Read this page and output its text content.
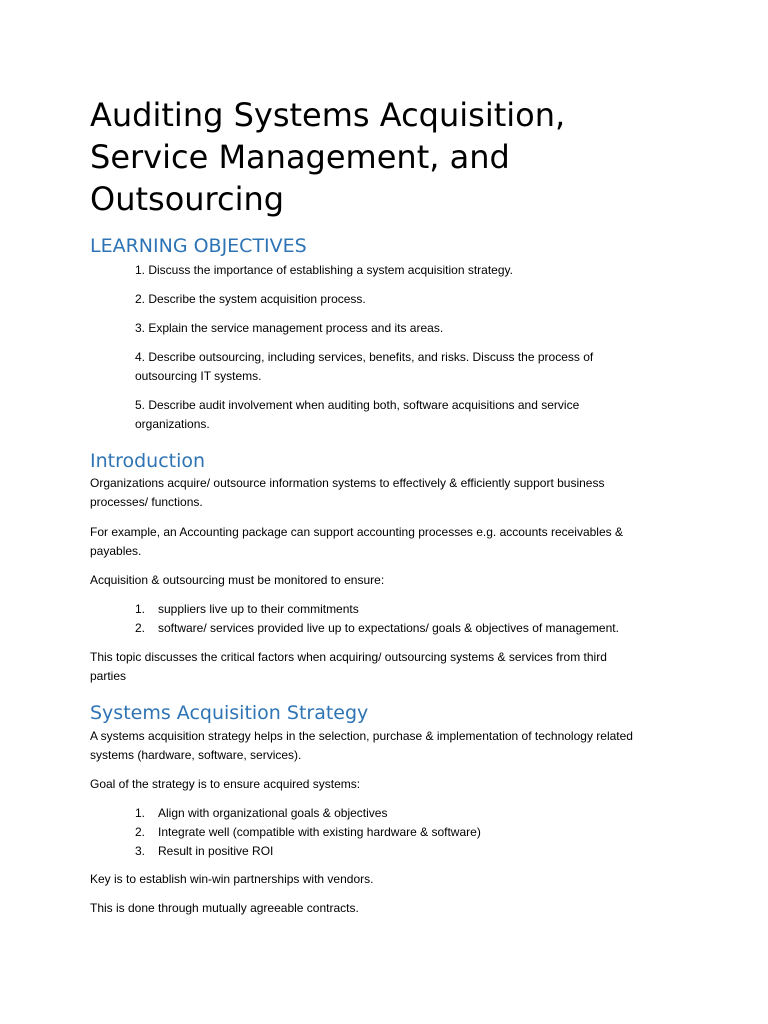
Auditing Systems Acquisition,
Service Management, and
Outsourcing
LEARNING OBJECTIVES
1. Discuss the importance of establishing a system acquisition strategy.
2. Describe the system acquisition process.
3. Explain the service management process and its areas.
4. Describe outsourcing, including services, benefits, and risks. Discuss the process of
outsourcing IT systems.
5. Describe audit involvement when auditing both, software acquisitions and service
organizations.
Introduction
Organizations acquire/ outsource information systems to effectively & efficiently support business
processes/ functions.
For example, an Accounting package can support accounting processes e.g. accounts receivables &
payables.
Acquisition & outsourcing must be monitored to ensure:
1. suppliers live up to their commitments
2. software/ services provided live up to expectations/ goals & objectives of management.
This topic discusses the critical factors when acquiring/ outsourcing systems & services from third
parties
Systems Acquisition Strategy
A systems acquisition strategy helps in the selection, purchase & implementation of technology related
systems (hardware, software, services).
Goal of the strategy is to ensure acquired systems:
1. Align with organizational goals & objectives
2. Integrate well (compatible with existing hardware & software)
3. Result in positive ROI
Key is to establish win-win partnerships with vendors.
This is done through mutually agreeable contracts.
